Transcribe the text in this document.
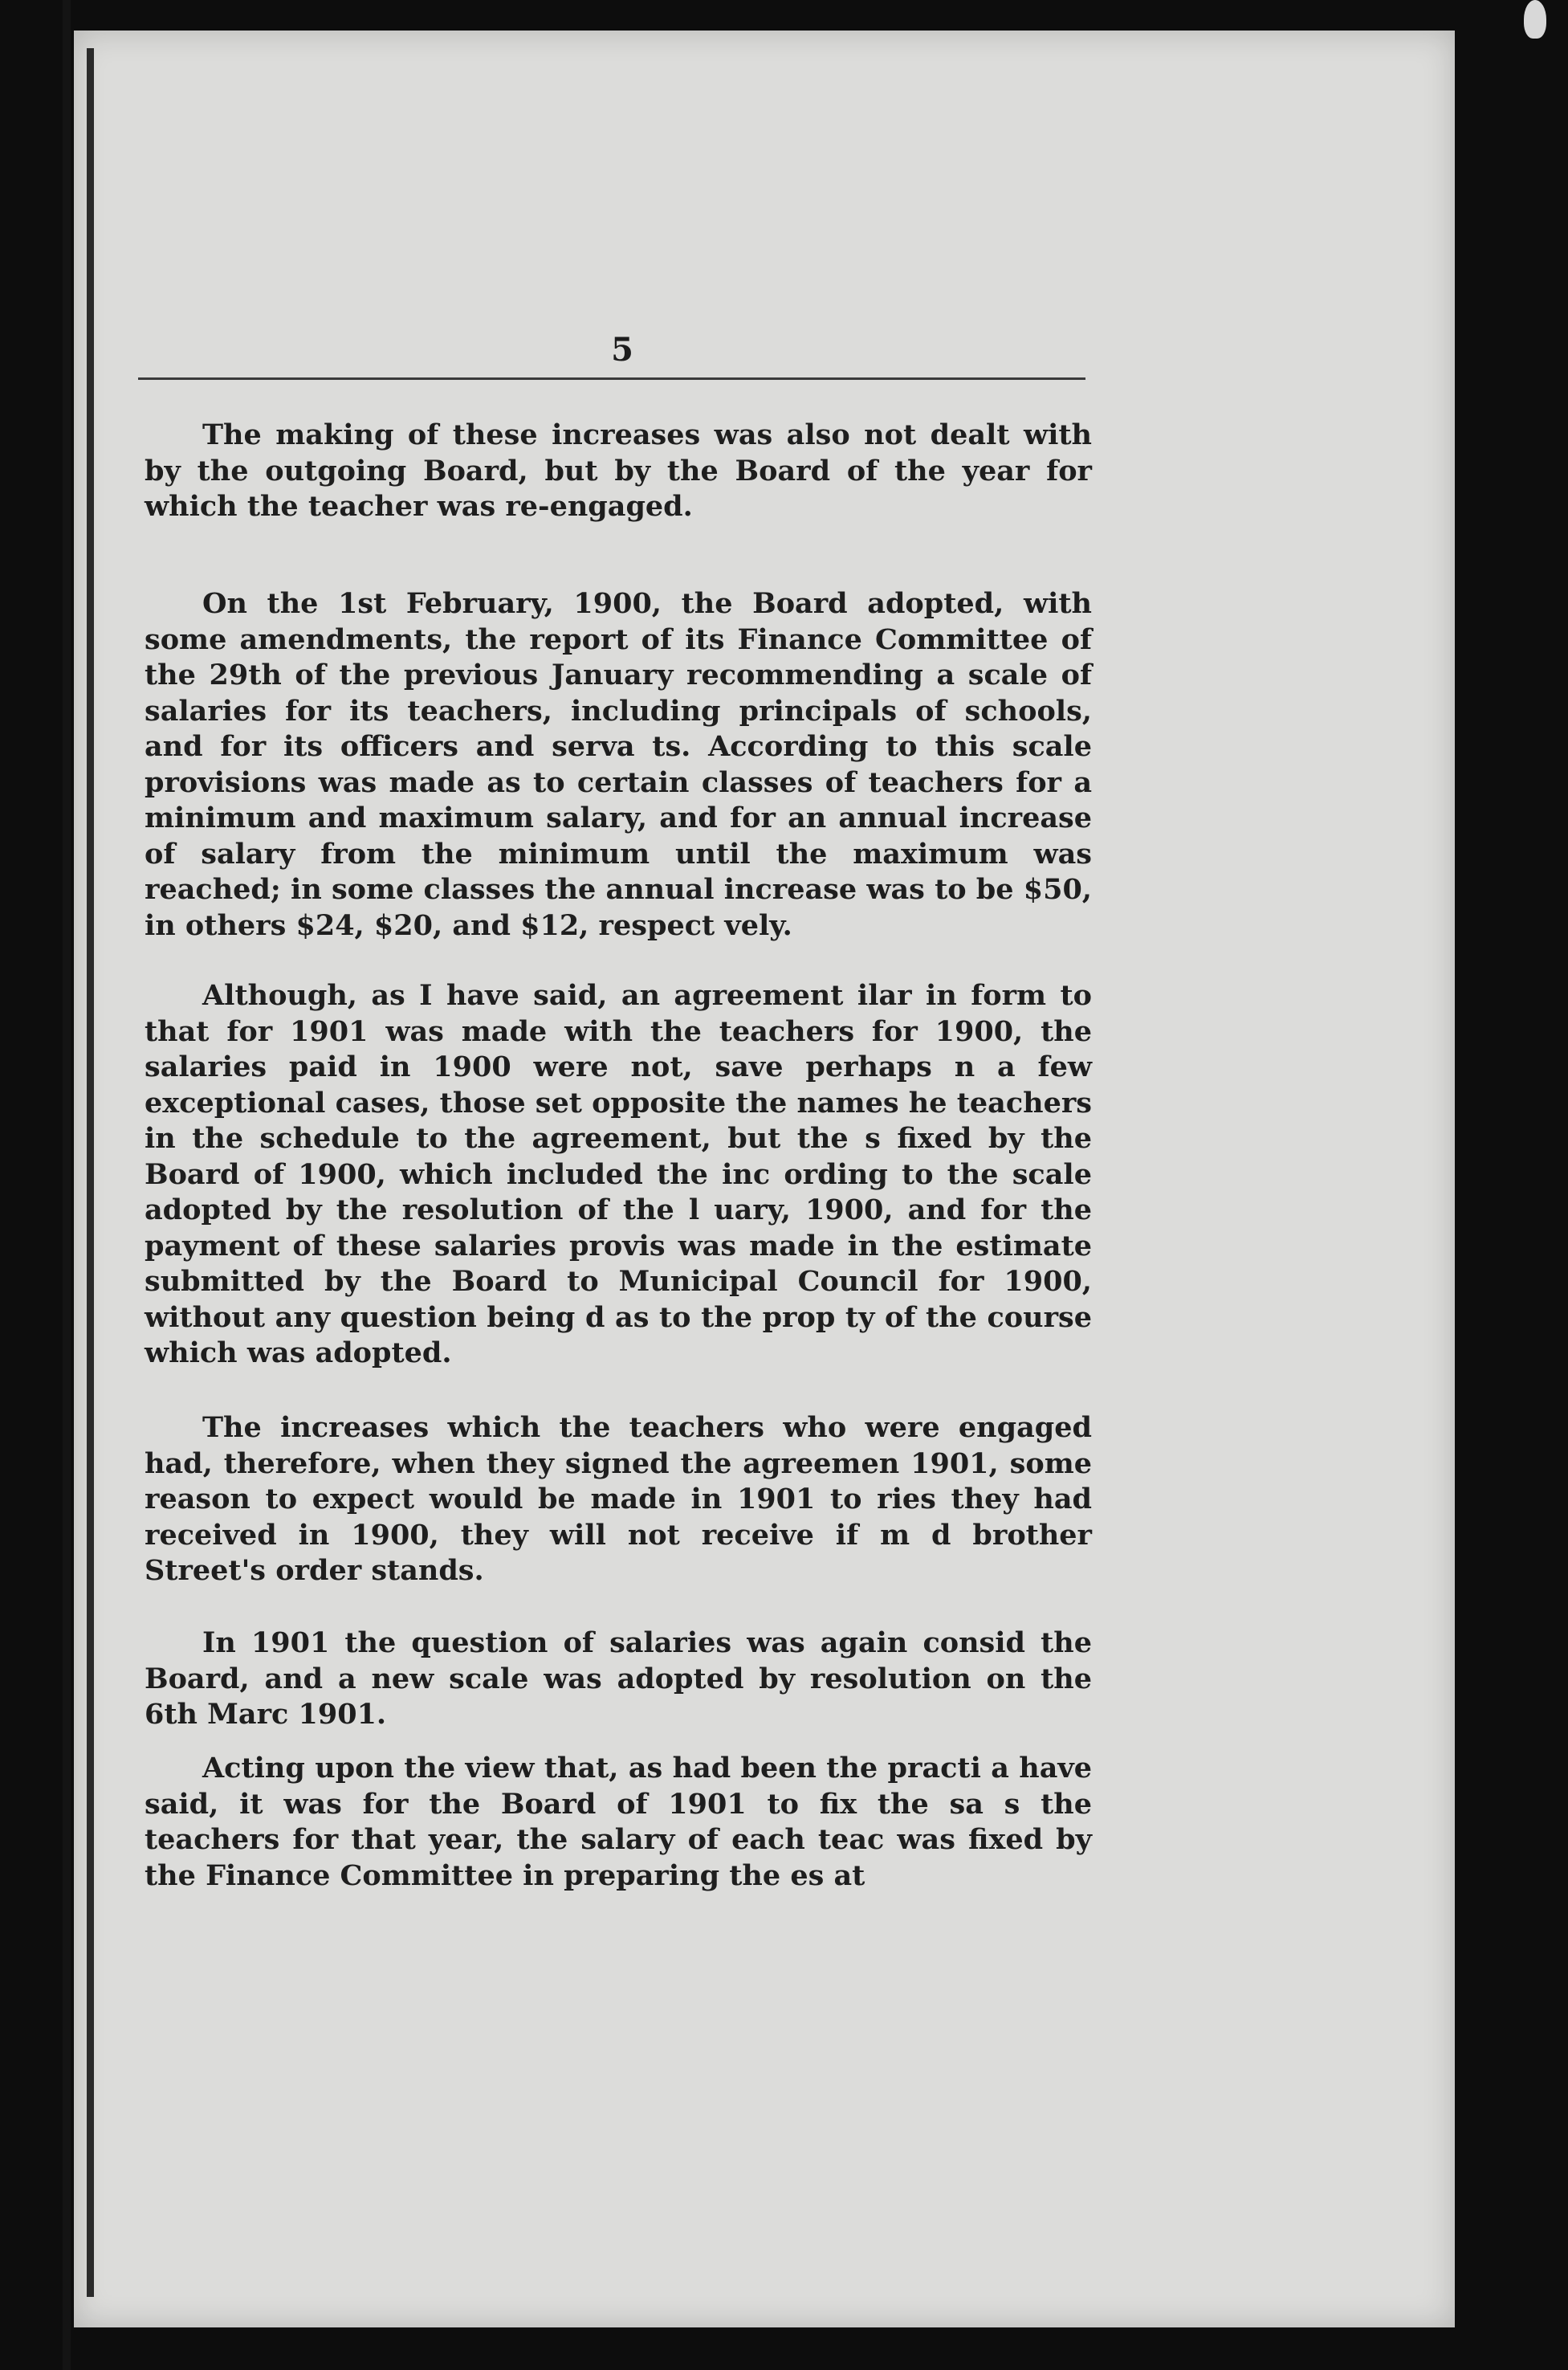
5

The making of these increases was also not dealt with by the outgoing Board, but by the Board of the year for which the teacher was re-engaged.

On the 1st February, 1900, the Board adopted, with some amendments, the report of its Finance Committee of the 29th of the previous January recommending a scale of salaries for its teachers, including principals of schools, and for its officers and serva ts. According to this scale provisions was made as to certain classes of teachers for a minimum and maximum salary, and for an annual increase of salary from the minimum until the maximum was reached; in some classes the annual increase was to be $50, in others $24, $20, and $12, respect vely.

Although, as I have said, an agreement ilar in form to that for 1901 was made with the teachers for 1900, the salaries paid in 1900 were not, save perhaps n a few exceptional cases, those set opposite the names he teachers in the schedule to the agreement, but the s fixed by the Board of 1900, which included the inc ording to the scale adopted by the resolution of the l uary, 1900, and for the payment of these salaries provis was made in the estimate submitted by the Board to Municipal Council for 1900, without any question being d as to the prop ty of the course which was adopted.

The increases which the teachers who were engaged had, therefore, when they signed the agreemen 1901, some reason to expect would be made in 1901 to ries they had received in 1900, they will not receive if m d brother Street's order stands.

In 1901 the question of salaries was again consid the Board, and a new scale was adopted by resolution on the 6th Marc 1901.

Acting upon the view that, as had been the practi a have said, it was for the Board of 1901 to fix the sa s the teachers for that year, the salary of each teac was fixed by the Finance Committee in preparing the es at
